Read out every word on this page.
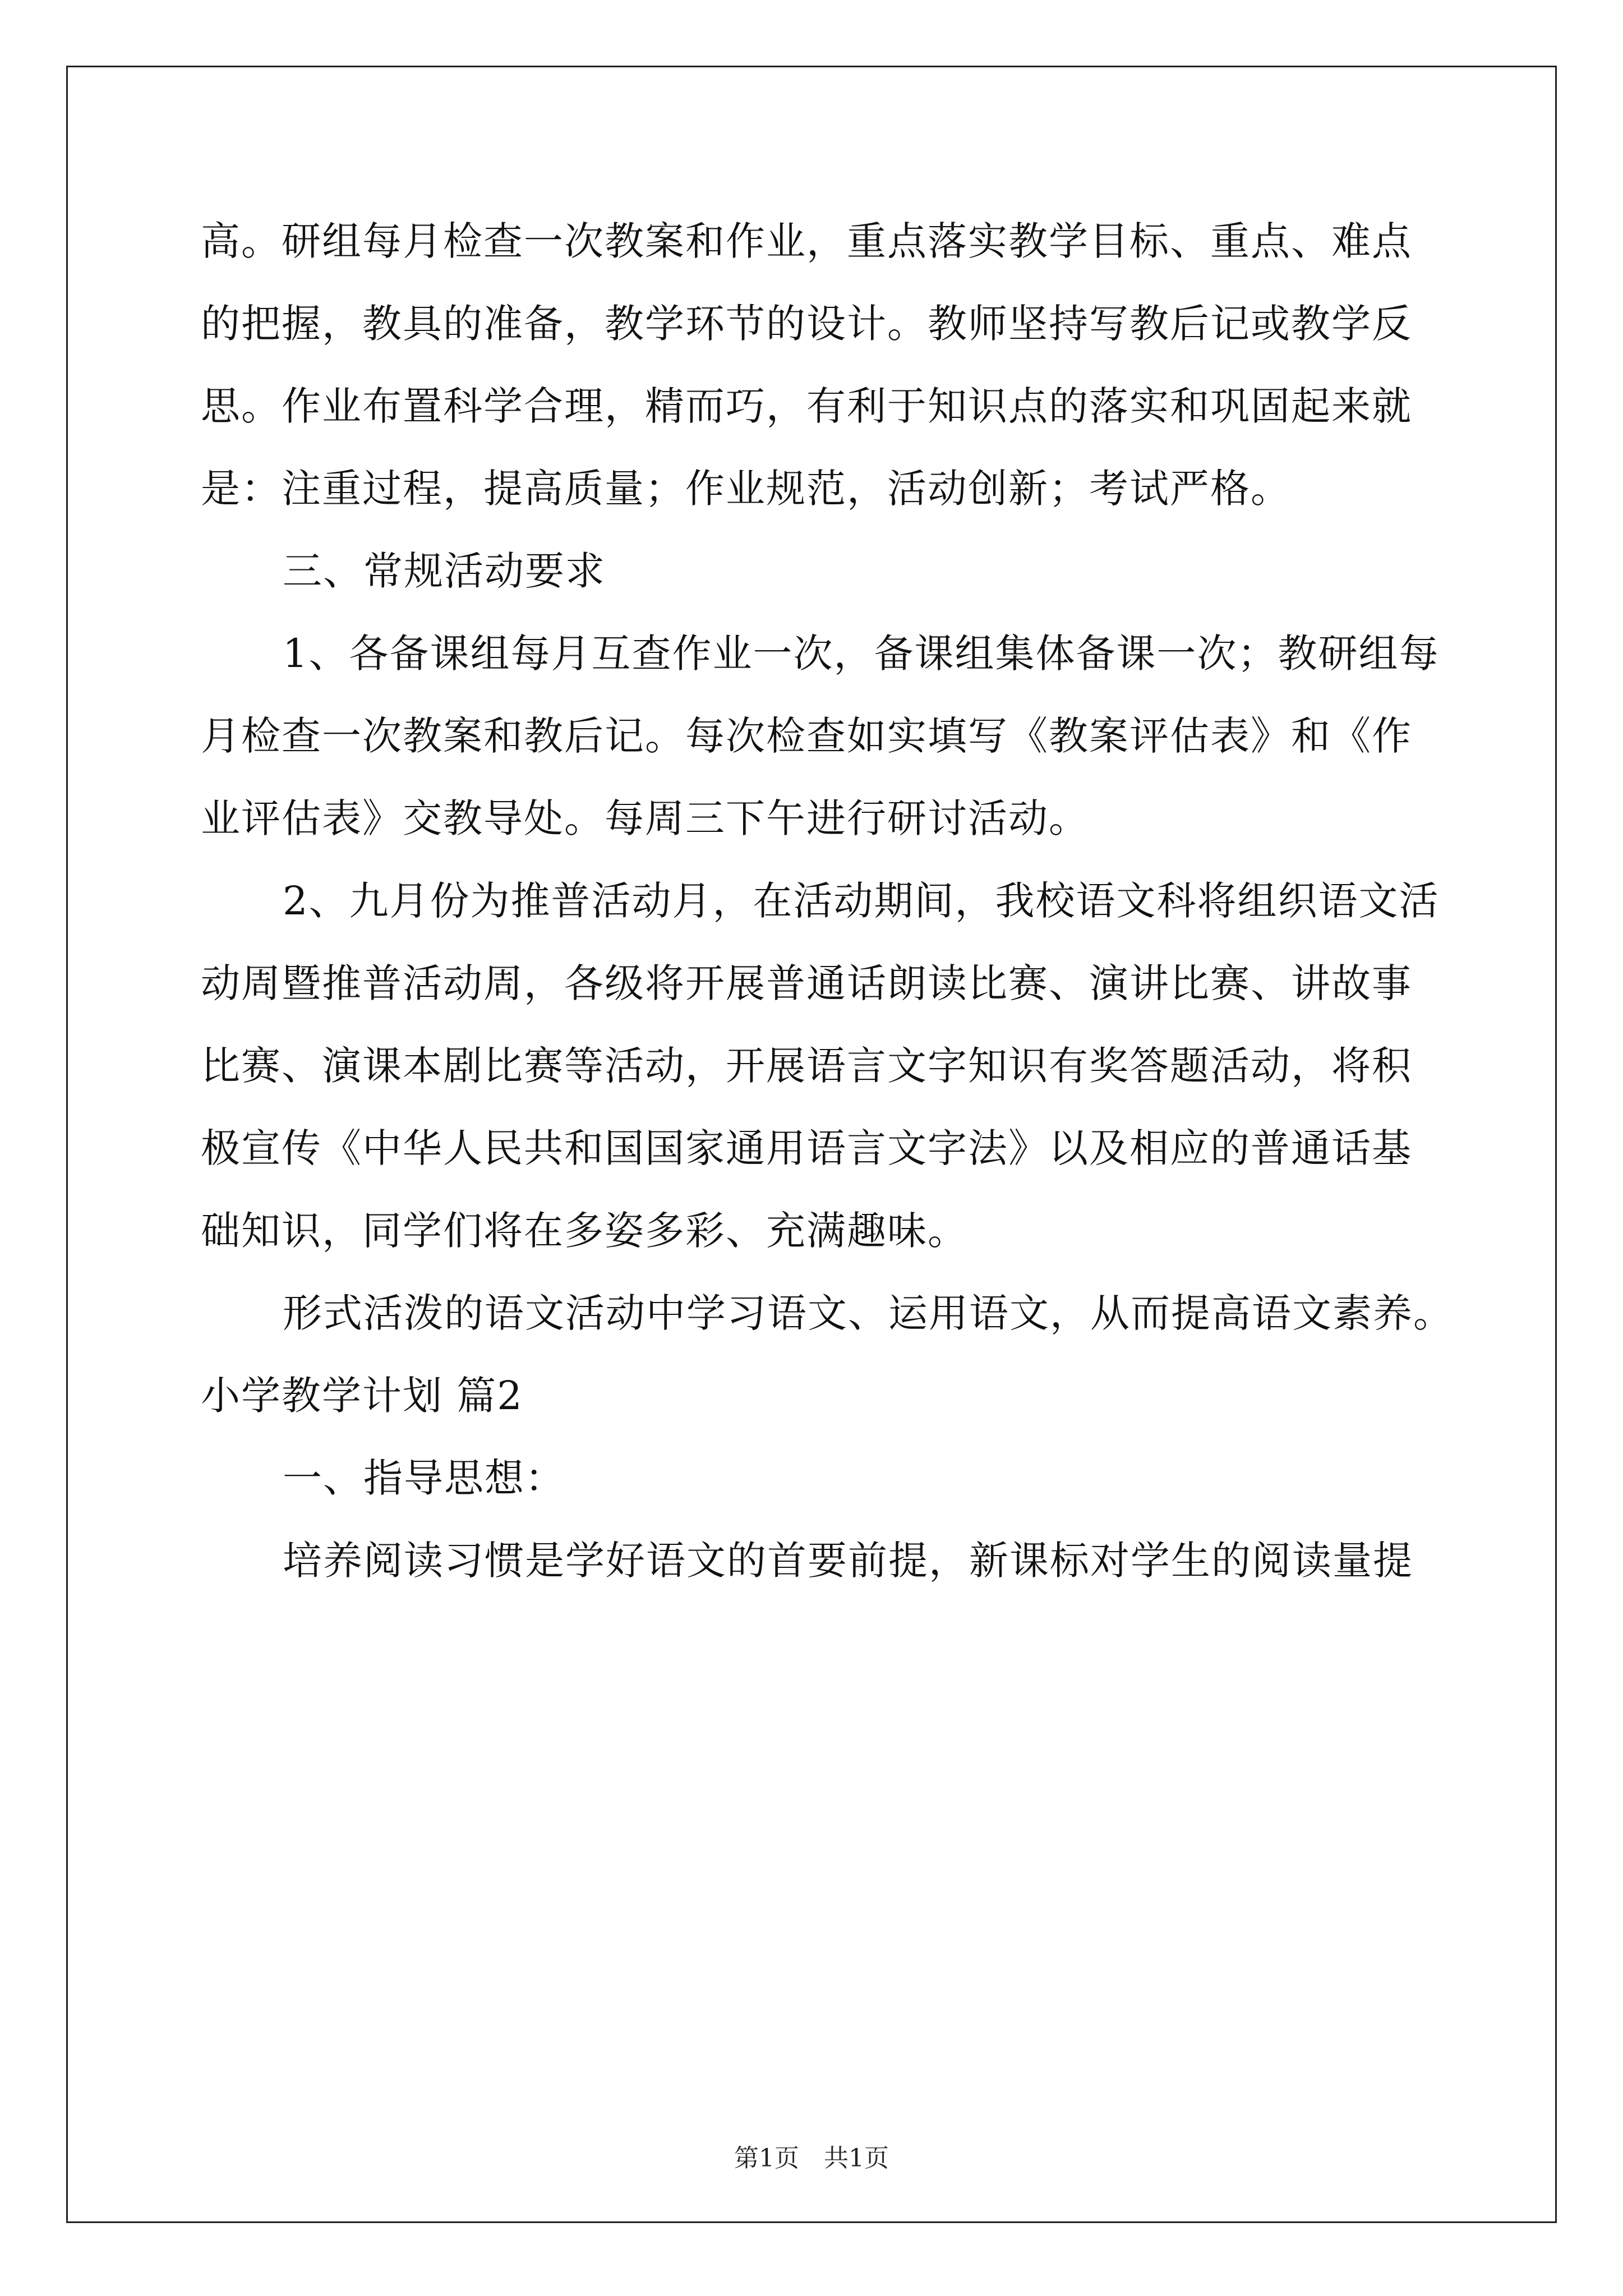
高。研组每月检查一次教案和作业，重点落实教学目标、重点、难点
的把握，教具的准备，教学环节的设计。教师坚持写教后记或教学反
思。作业布置科学合理，精而巧，有利于知识点的落实和巩固起来就
是：注重过程，提高质量；作业规范，活动创新；考试严格。
三、常规活动要求
1、各备课组每月互查作业一次，备课组集体备课一次；教研组每
月检查一次教案和教后记。每次检查如实填写《教案评估表》和《作
业评估表》交教导处。每周三下午进行研讨活动。
2、九月份为推普活动月，在活动期间，我校语文科将组织语文活
动周暨推普活动周，各级将开展普通话朗读比赛、演讲比赛、讲故事
比赛、演课本剧比赛等活动，开展语言文字知识有奖答题活动，将积
极宣传《中华人民共和国国家通用语言文字法》以及相应的普通话基
础知识，同学们将在多姿多彩、充满趣味。
形式活泼的语文活动中学习语文、运用语文，从而提高语文素养。
小学教学计划 篇2
一、指导思想：
培养阅读习惯是学好语文的首要前提，新课标对学生的阅读量提
第1页　共1页
